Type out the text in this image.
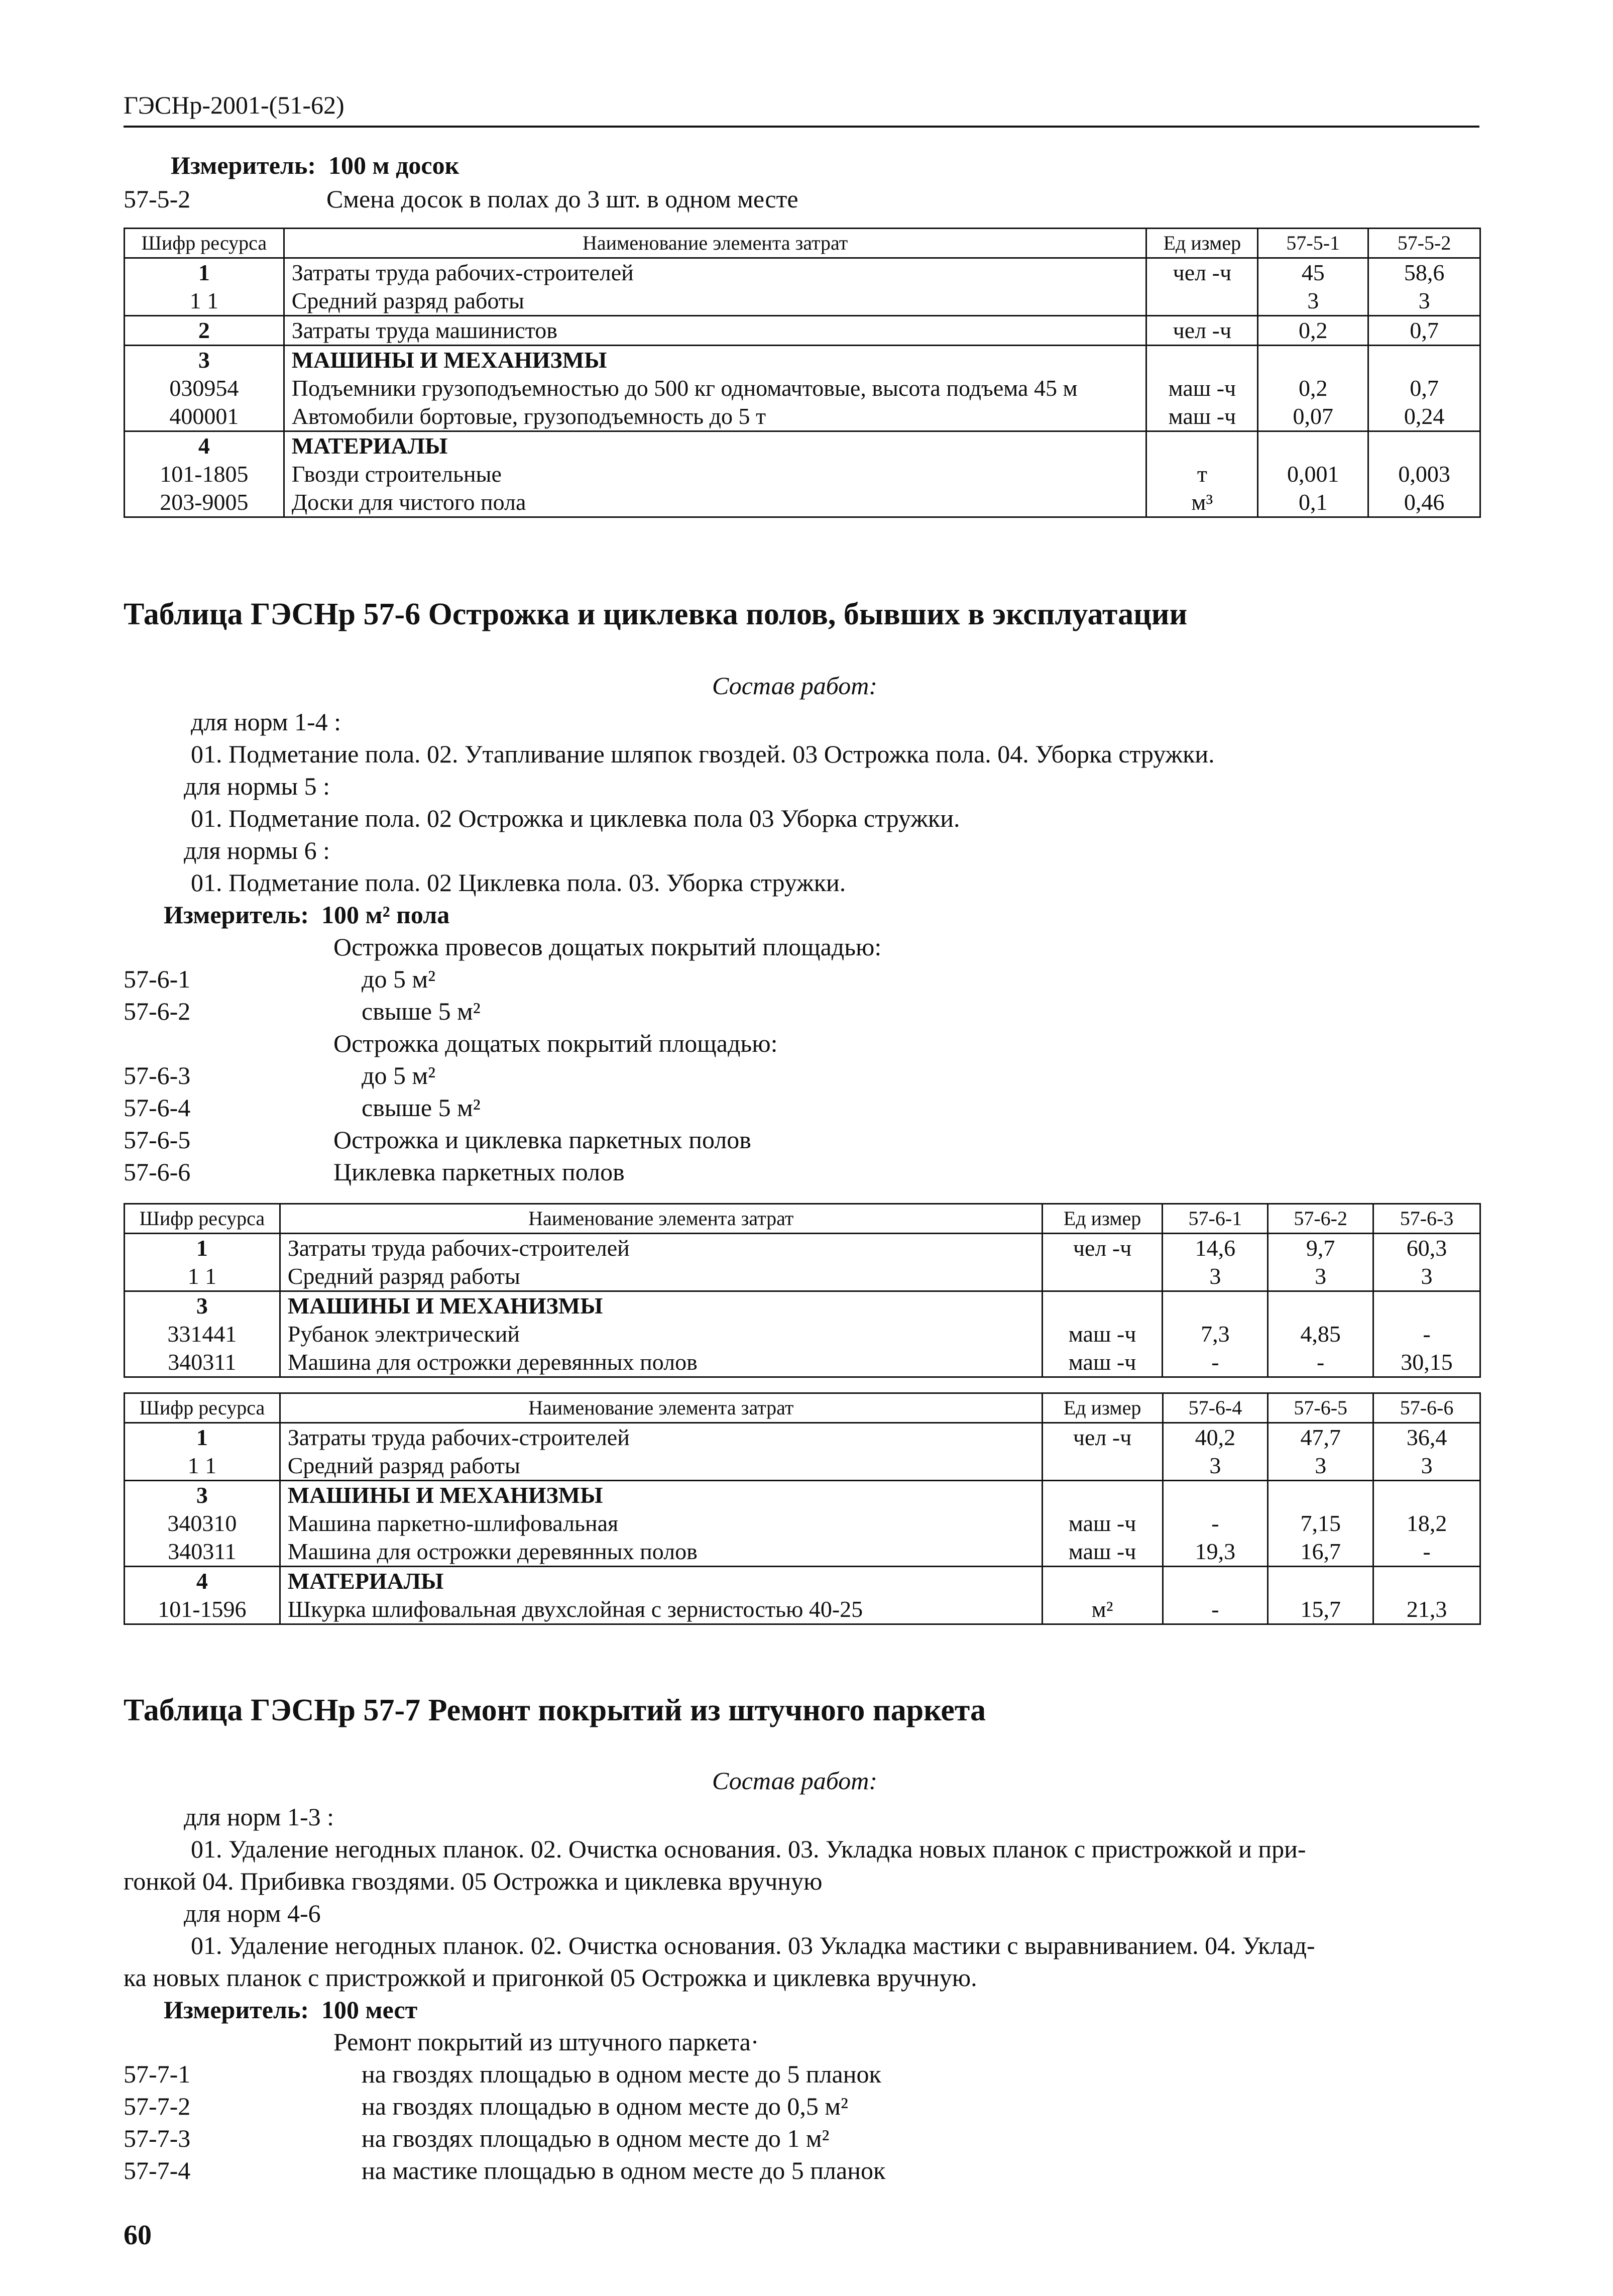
ГЭСНр-2001-(51-62)
Измеритель: 100 м досок
57-5-2	Смена досок в полах до 3 шт. в одном месте
Шифр ресурса	Наименование элемента затрат	Ед измер	57-5-1	57-5-2
1	Затраты труда рабочих-строителей	чел -ч	45	58,6
1 1	Средний разряд работы		3	3
2	Затраты труда машинистов	чел -ч	0,2	0,7
3	МАШИНЫ И МЕХАНИЗМЫ			
030954	Подъемники грузоподъемностью до 500 кг одномачтовые, высота подъема 45 м	маш -ч	0,2	0,7
400001	Автомобили бортовые, грузоподъемность до 5 т	маш -ч	0,07	0,24
4	МАТЕРИАЛЫ			
101-1805	Гвозди строительные	т	0,001	0,003
203-9005	Доски для чистого пола	м³	0,1	0,46
Таблица ГЭСНр 57-6 Острожка и циклевка полов, бывших в эксплуатации
Состав работ:
для норм 1-4 :
01. Подметание пола. 02. Утапливание шляпок гвоздей. 03 Острожка пола. 04. Уборка стружки.
для нормы 5 :
01. Подметание пола. 02 Острожка и циклевка пола 03 Уборка стружки.
для нормы 6 :
01. Подметание пола. 02 Циклевка пола. 03. Уборка стружки.
Измеритель: 100 м² пола
Острожка провесов дощатых покрытий площадью:
57-6-1	до 5 м²
57-6-2	свыше 5 м²
Острожка дощатых покрытий площадью:
57-6-3	до 5 м²
57-6-4	свыше 5 м²
57-6-5	Острожка и циклевка паркетных полов
57-6-6	Циклевка паркетных полов
Шифр ресурса	Наименование элемента затрат	Ед измер	57-6-1	57-6-2	57-6-3
1	Затраты труда рабочих-строителей	чел -ч	14,6	9,7	60,3
1 1	Средний разряд работы		3	3	3
3	МАШИНЫ И МЕХАНИЗМЫ				
331441	Рубанок электрический	маш -ч	7,3	4,85	-
340311	Машина для острожки деревянных полов	маш -ч	-	-	30,15
Шифр ресурса	Наименование элемента затрат	Ед измер	57-6-4	57-6-5	57-6-6
1	Затраты труда рабочих-строителей	чел -ч	40,2	47,7	36,4
1 1	Средний разряд работы		3	3	3
3	МАШИНЫ И МЕХАНИЗМЫ				
340310	Машина паркетно-шлифовальная	маш -ч	-	7,15	18,2
340311	Машина для острожки деревянных полов	маш -ч	19,3	16,7	-
4	МАТЕРИАЛЫ				
101-1596	Шкурка шлифовальная двухслойная с зернистостью 40-25	м²	-	15,7	21,3
Таблица ГЭСНр 57-7 Ремонт покрытий из штучного паркета
Состав работ:
для норм 1-3 :
01. Удаление негодных планок. 02. Очистка основания. 03. Укладка новых планок с пристрожкой и при-
гонкой 04. Прибивка гвоздями. 05 Острожка и циклевка вручную
для норм 4-6
01. Удаление негодных планок. 02. Очистка основания. 03 Укладка мастики с выравниванием. 04. Уклад-
ка новых планок с пристрожкой и пригонкой 05 Острожка и циклевка вручную.
Измеритель: 100 мест
Ремонт покрытий из штучного паркета·
57-7-1	на гвоздях площадью в одном месте до 5 планок
57-7-2	на гвоздях площадью в одном месте до 0,5 м²
57-7-3	на гвоздях площадью в одном месте до 1 м²
57-7-4	на мастике площадью в одном месте до 5 планок
60
